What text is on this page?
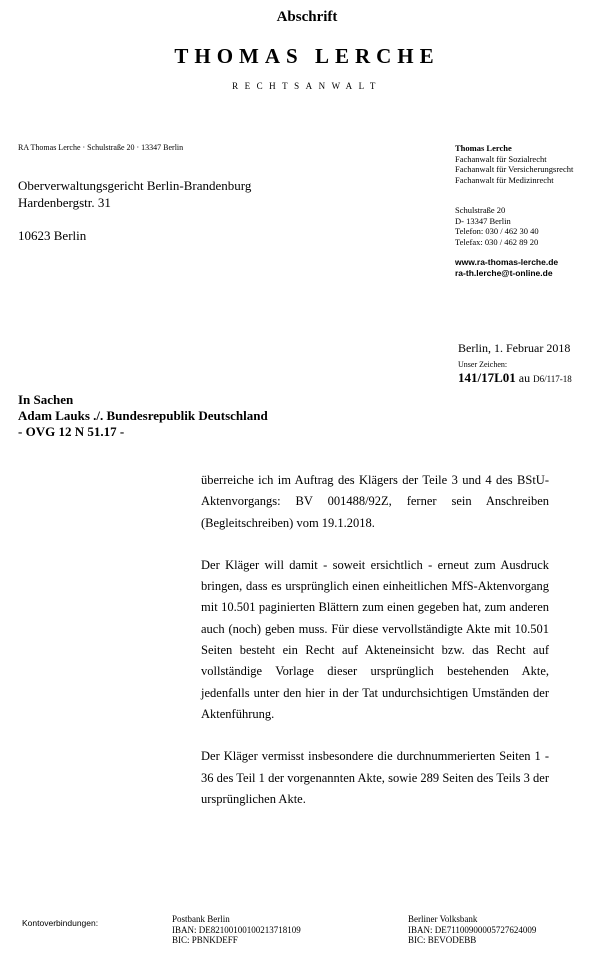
Abschrift
THOMAS LERCHE
RECHTSANWALT
RA Thomas Lerche · Schulstraße 20 · 13347 Berlin
Oberverwaltungsgericht Berlin-Brandenburg
Hardenbergstr. 31
10623 Berlin
Thomas Lerche
Fachanwalt für Sozialrecht
Fachanwalt für Versicherungsrecht
Fachanwalt für Medizinrecht
Schulstraße 20
D- 13347 Berlin
Telefon: 030 / 462 30 40
Telefax: 030 / 462 89 20
www.ra-thomas-lerche.de
ra-th.lerche@t-online.de
Berlin, 1. Februar 2018
Unser Zeichen:
141/17L01 au D6/117-18
In Sachen
Adam Lauks ./. Bundesrepublik Deutschland
- OVG 12 N 51.17 -

überreiche ich im Auftrag des Klägers der Teile 3 und 4 des BStU-Aktenvorgangs: BV 001488/92Z, ferner sein Anschreiben (Begleitschreiben) vom 19.1.2018.

Der Kläger will damit - soweit ersichtlich - erneut zum Ausdruck bringen, dass es ursprünglich einen einheitlichen MfS-Aktenvorgang mit 10.501 paginierten Blättern zum einen gegeben hat, zum anderen auch (noch) geben muss. Für diese vervollständigte Akte mit 10.501 Seiten besteht ein Recht auf Akteneinsicht bzw. das Recht auf vollständige Vorlage dieser ursprünglich bestehenden Akte, jedenfalls unter den hier in der Tat undurchsichtigen Umständen der Aktenführung.

Der Kläger vermisst insbesondere die durchnummerierten Seiten 1 - 36 des Teil 1 der vorgenannten Akte, sowie 289 Seiten des Teils 3 der ursprünglichen Akte.

Kontoverbindungen:	Postbank Berlin
IBAN: DE82100100100213718109
BIC: PBNKDEFF
Berliner Volksbank
IBAN: DE71100900005727624009
BIC: BEVODEBB
